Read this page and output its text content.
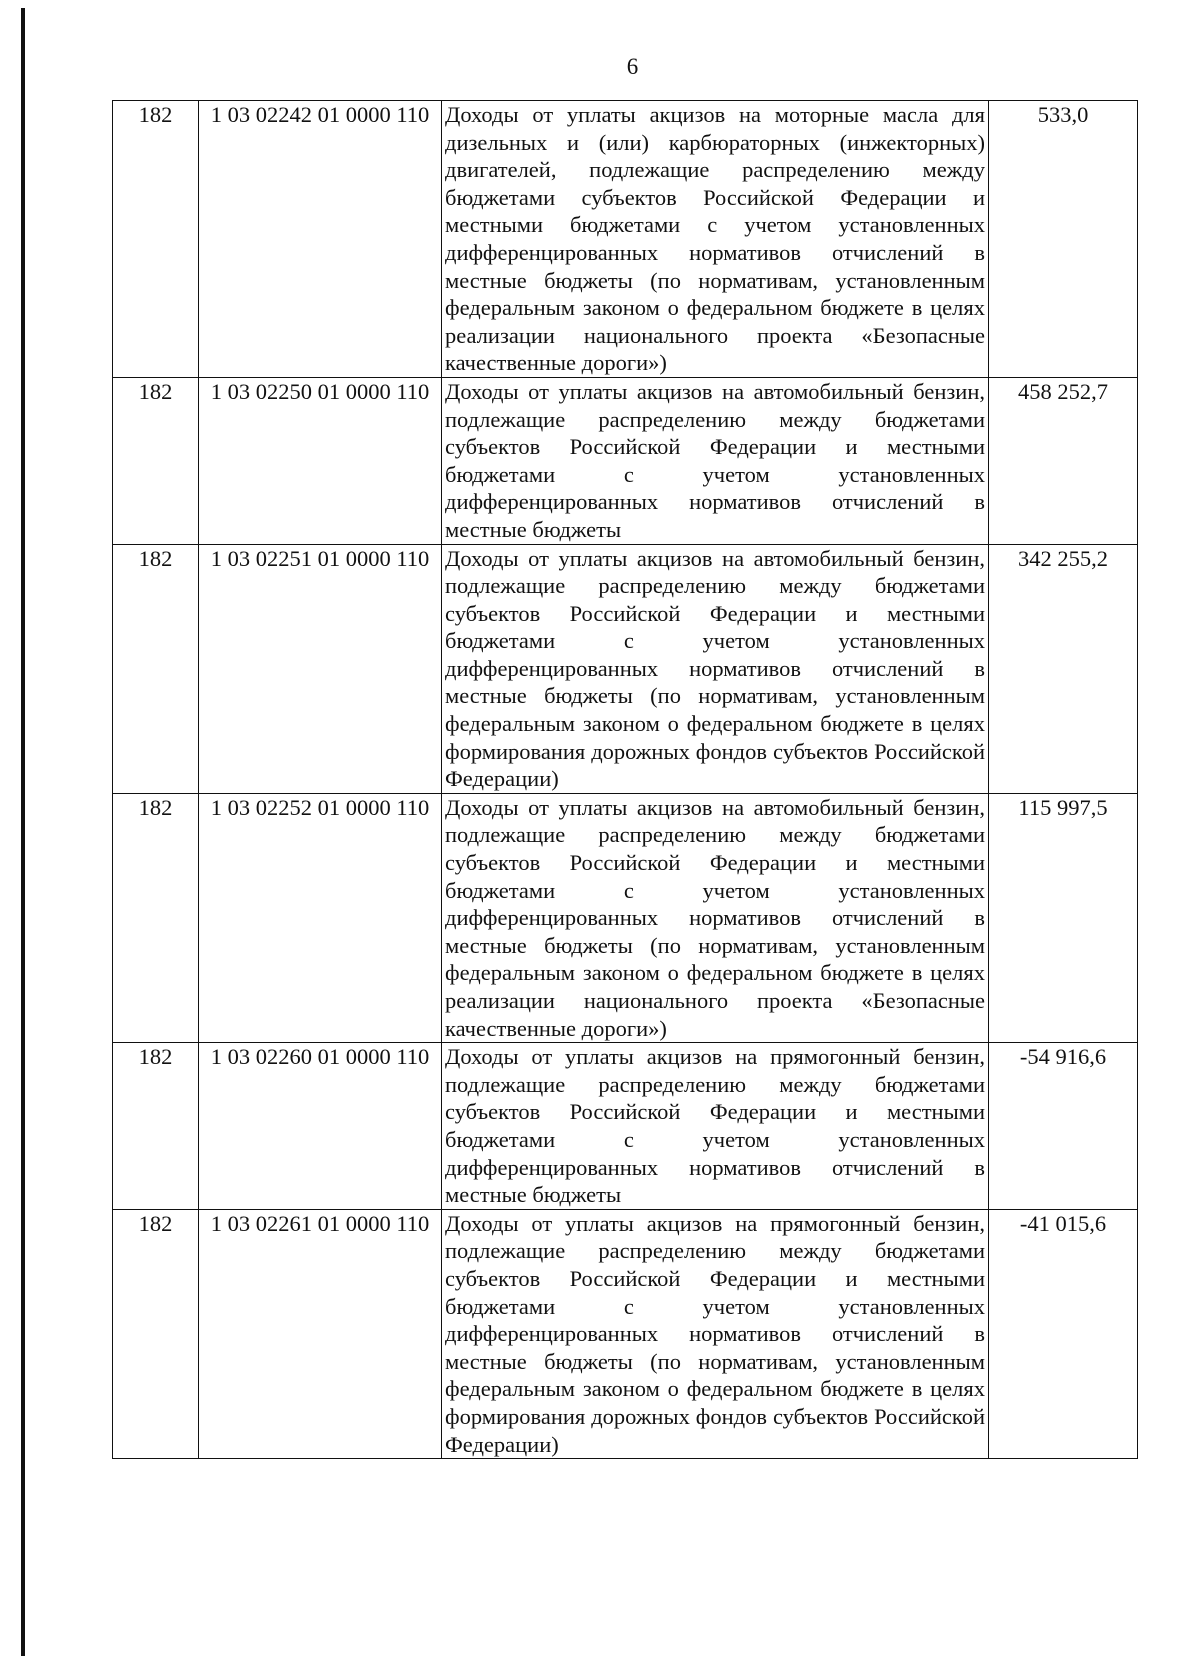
6
182	1 03 02242 01 0000 110	Доходы от уплаты акцизов на моторные масла для дизельных и (или) карбюраторных (инжекторных) двигателей, подлежащие распределению между бюджетами субъектов Российской Федерации и местными бюджетами с учетом установленных дифференцированных нормативов отчислений в местные бюджеты (по нормативам, установленным федеральным законом о федеральном бюджете в целях реализации национального проекта «Безопасные качественные дороги»)	533,0
182	1 03 02250 01 0000 110	Доходы от уплаты акцизов на автомобильный бензин, подлежащие распределению между бюджетами субъектов Российской Федерации и местными бюджетами с учетом установленных дифференцированных нормативов отчислений в местные бюджеты	458 252,7
182	1 03 02251 01 0000 110	Доходы от уплаты акцизов на автомобильный бензин, подлежащие распределению между бюджетами субъектов Российской Федерации и местными бюджетами с учетом установленных дифференцированных нормативов отчислений в местные бюджеты (по нормативам, установленным федеральным законом о федеральном бюджете в целях формирования дорожных фондов субъектов Российской Федерации)	342 255,2
182	1 03 02252 01 0000 110	Доходы от уплаты акцизов на автомобильный бензин, подлежащие распределению между бюджетами субъектов Российской Федерации и местными бюджетами с учетом установленных дифференцированных нормативов отчислений в местные бюджеты (по нормативам, установленным федеральным законом о федеральном бюджете в целях реализации национального проекта «Безопасные качественные дороги»)	115 997,5
182	1 03 02260 01 0000 110	Доходы от уплаты акцизов на прямогонный бензин, подлежащие распределению между бюджетами субъектов Российской Федерации и местными бюджетами с учетом установленных дифференцированных нормативов отчислений в местные бюджеты	-54 916,6
182	1 03 02261 01 0000 110	Доходы от уплаты акцизов на прямогонный бензин, подлежащие распределению между бюджетами субъектов Российской Федерации и местными бюджетами с учетом установленных дифференцированных нормативов отчислений в местные бюджеты (по нормативам, установленным федеральным законом о федеральном бюджете в целях формирования дорожных фондов субъектов Российской Федерации)	-41 015,6
